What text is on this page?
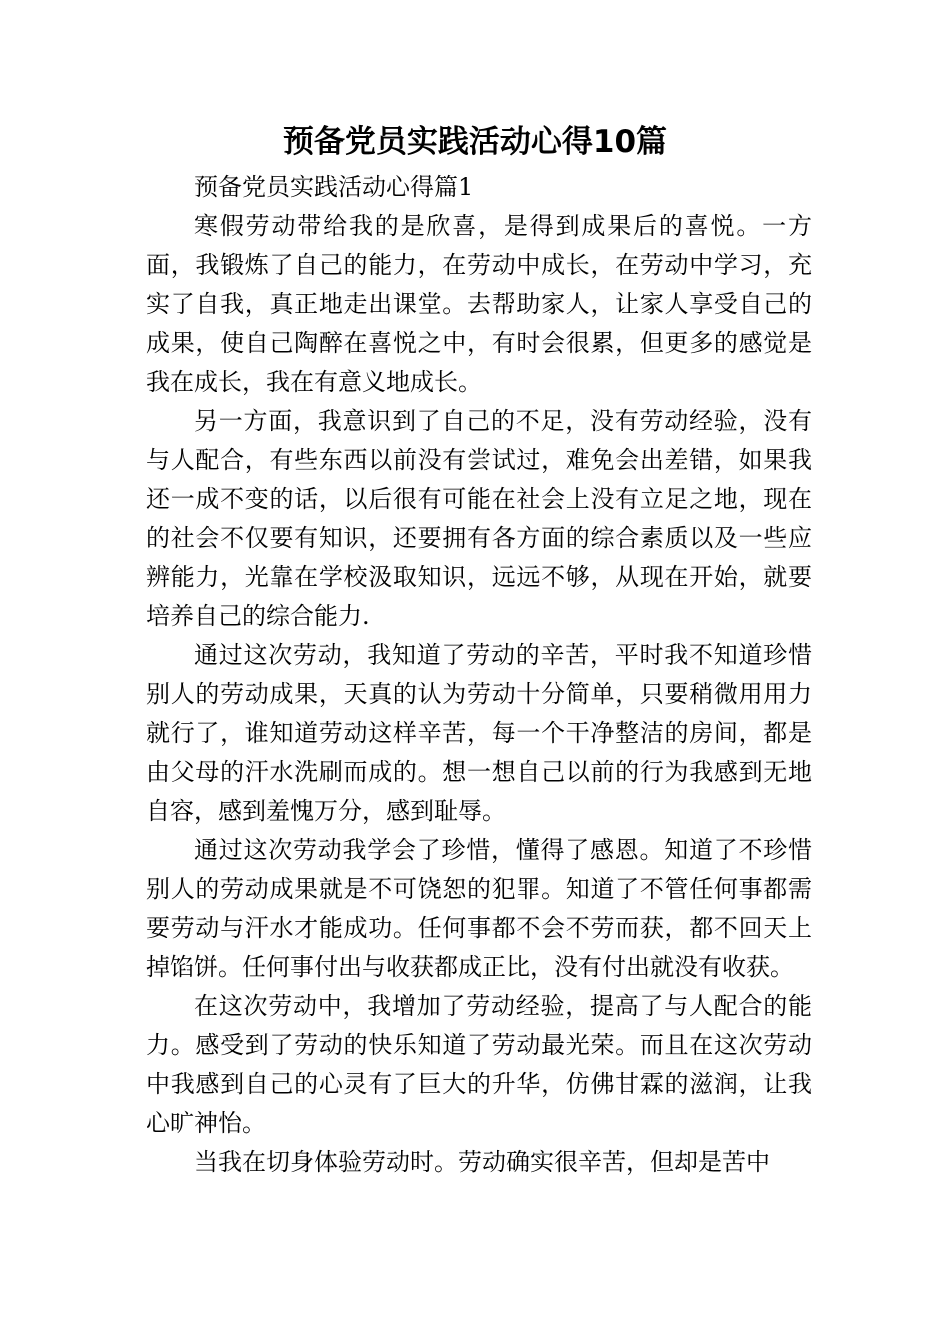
预备党员实践活动心得10篇

预备党员实践活动心得篇1

寒假劳动带给我的是欣喜，是得到成果后的喜悦。一方面，我锻炼了自己的能力，在劳动中成长，在劳动中学习，充实了自我，真正地走出课堂。去帮助家人，让家人享受自己的成果，使自己陶醉在喜悦之中，有时会很累，但更多的感觉是我在成长，我在有意义地成长。

另一方面，我意识到了自己的不足，没有劳动经验，没有与人配合，有些东西以前没有尝试过，难免会出差错，如果我还一成不变的话，以后很有可能在社会上没有立足之地，现在的社会不仅要有知识，还要拥有各方面的综合素质以及一些应辨能力，光靠在学校汲取知识，远远不够，从现在开始，就要培养自己的综合能力.

通过这次劳动，我知道了劳动的辛苦，平时我不知道珍惜别人的劳动成果，天真的认为劳动十分简单，只要稍微用用力就行了，谁知道劳动这样辛苦，每一个干净整洁的房间，都是由父母的汗水洗刷而成的。想一想自己以前的行为我感到无地自容，感到羞愧万分，感到耻辱。

通过这次劳动我学会了珍惜，懂得了感恩。知道了不珍惜别人的劳动成果就是不可饶恕的犯罪。知道了不管任何事都需要劳动与汗水才能成功。任何事都不会不劳而获，都不回天上掉馅饼。任何事付出与收获都成正比，没有付出就没有收获。

在这次劳动中，我增加了劳动经验，提高了与人配合的能力。感受到了劳动的快乐知道了劳动最光荣。而且在这次劳动中我感到自己的心灵有了巨大的升华，仿佛甘霖的滋润，让我心旷神怡。

当我在切身体验劳动时。劳动确实很辛苦，但却是苦中
